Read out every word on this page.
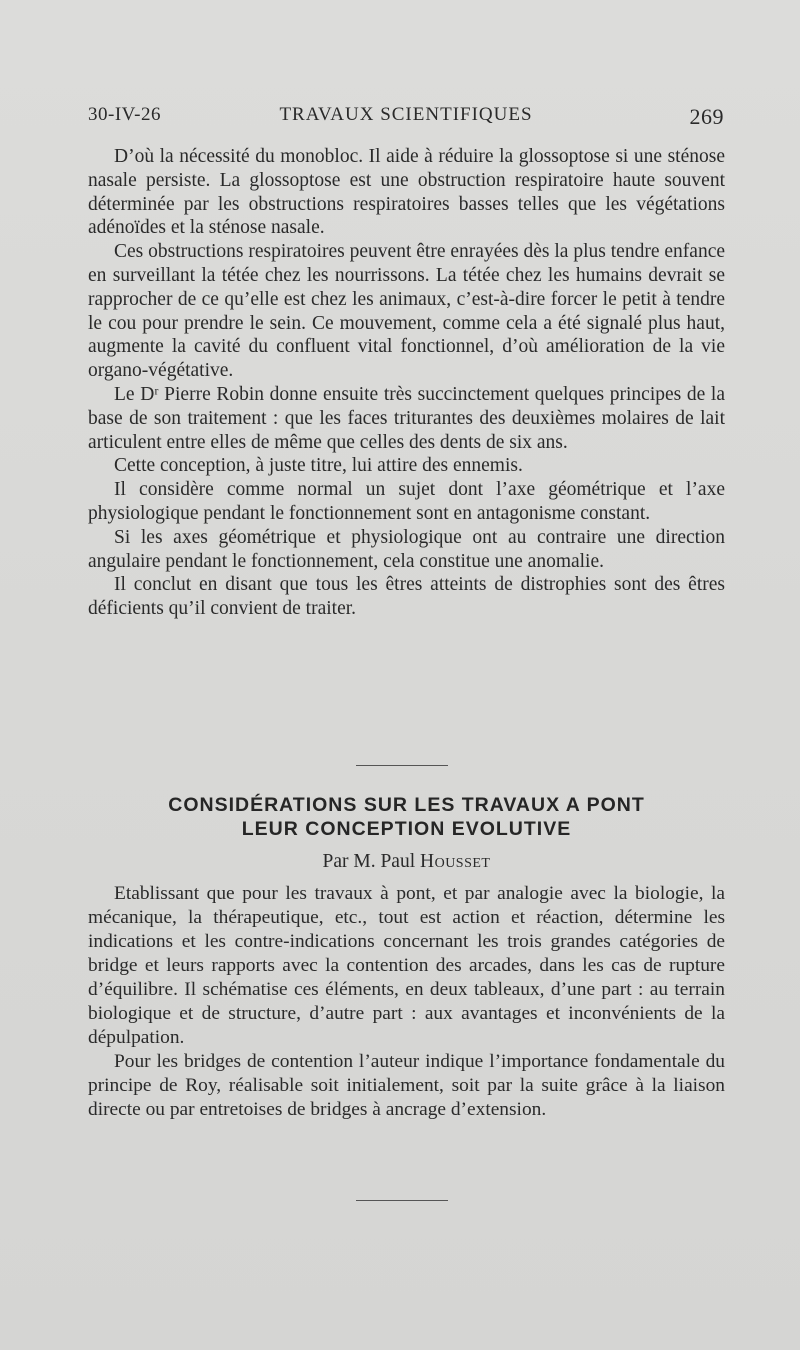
30-IV-26	TRAVAUX SCIENTIFIQUES	269

D’où la nécessité du monobloc. Il aide à réduire la glossoptose si une sténose nasale persiste. La glossoptose est une obstruction respiratoire haute souvent déterminée par les obstructions respiratoires basses telles que les végétations adénoïdes et la sténose nasale.

Ces obstructions respiratoires peuvent être enrayées dès la plus tendre enfance en surveillant la tétée chez les nourrissons. La tétée chez les humains devrait se rapprocher de ce qu’elle est chez les animaux, c’est-à-dire forcer le petit à tendre le cou pour prendre le sein. Ce mouvement, comme cela a été signalé plus haut, augmente la cavité du confluent vital fonctionnel, d’où amélioration de la vie organo-végétative.

Le Dʳ Pierre Robin donne ensuite très succinctement quelques principes de la base de son traitement : que les faces triturantes des deuxièmes molaires de lait articulent entre elles de même que celles des dents de six ans.

Cette conception, à juste titre, lui attire des ennemis.

Il considère comme normal un sujet dont l’axe géométrique et l’axe physiologique pendant le fonctionnement sont en antagonisme constant.

Si les axes géométrique et physiologique ont au contraire une direction angulaire pendant le fonctionnement, cela constitue une anomalie.

Il conclut en disant que tous les êtres atteints de distrophies sont des êtres déficients qu’il convient de traiter.

CONSIDÉRATIONS SUR LES TRAVAUX A PONT
LEUR CONCEPTION EVOLUTIVE
Par M. Paul Housset

Etablissant que pour les travaux à pont, et par analogie avec la biologie, la mécanique, la thérapeutique, etc., tout est action et réaction, détermine les indications et les contre-indications concernant les trois grandes catégories de bridge et leurs rapports avec la contention des arcades, dans les cas de rupture d’équilibre. Il schématise ces éléments, en deux tableaux, d’une part : au terrain biologique et de structure, d’autre part : aux avantages et inconvénients de la dépulpation.

Pour les bridges de contention l’auteur indique l’importance fondamentale du principe de Roy, réalisable soit initialement, soit par la suite grâce à la liaison directe ou par entretoises de bridges à ancrage d’extension.
